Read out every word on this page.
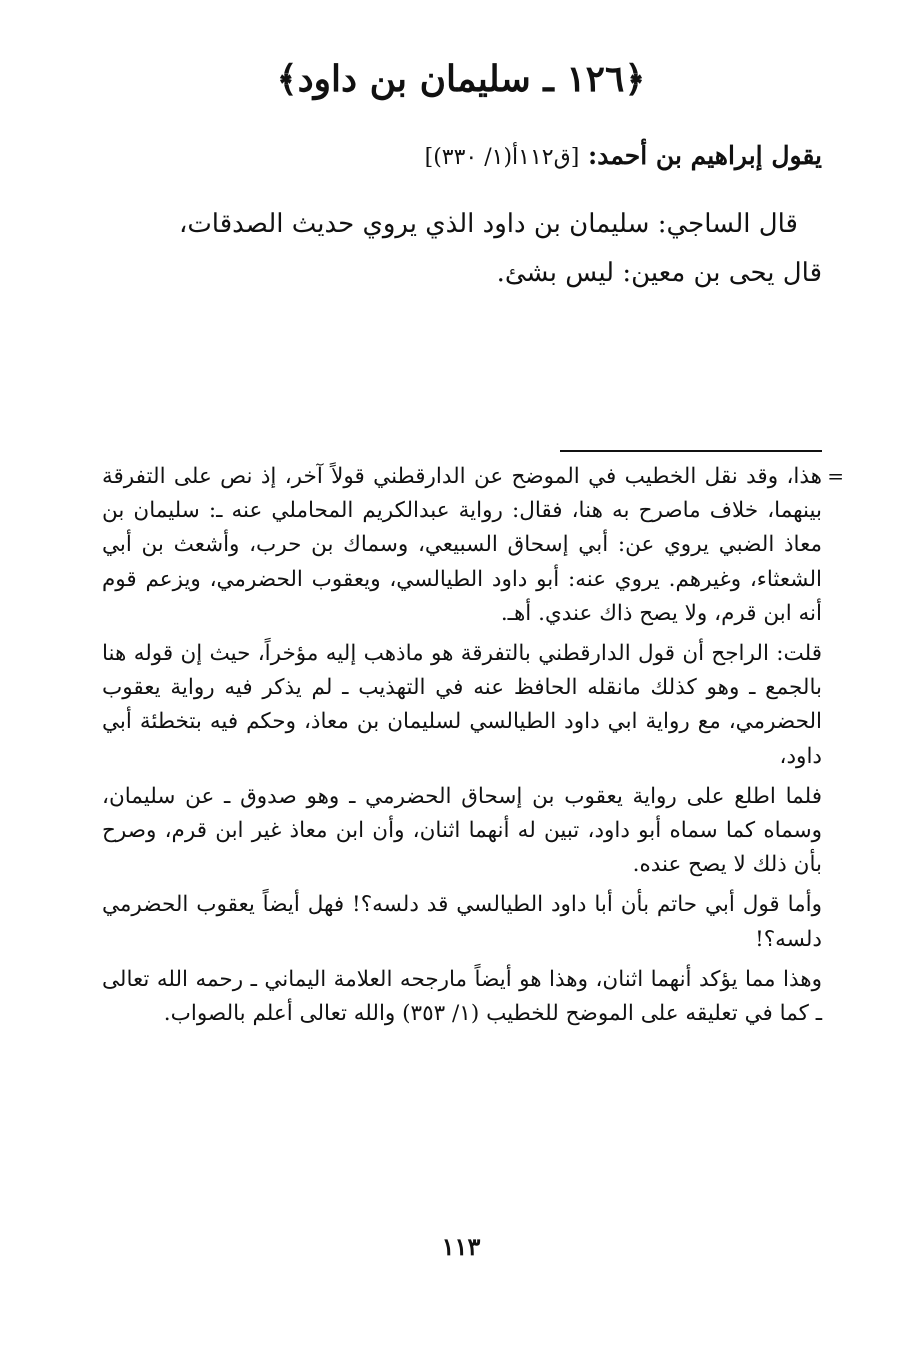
﴿١٢٦ ـ سليمان بن داود﴾
يقول إبراهيم بن أحمد: [ق١١٢أ(١/ ٣٣٠)]

قال الساجي: سليمان بن داود الذي يروي حديث الصدقات،

قال يحى بن معين: ليس بشئ.

=

هذا، وقد نقل الخطيب في الموضح عن الدارقطني قولاً آخر، إذ نص على التفرقة بينهما، خلاف ماصرح به هنا، فقال: رواية عبدالكريم المحاملي عنه ـ: سليمان بن معاذ الضبي يروي عن: أبي إسحاق السبيعي، وسماك بن حرب، وأشعث بن أبي الشعثاء، وغيرهم. يروي عنه: أبو داود الطيالسي، ويعقوب الحضرمي، ويزعم قوم أنه ابن قرم، ولا يصح ذاك عندي. أهـ.

قلت: الراجح أن قول الدارقطني بالتفرقة هو ماذهب إليه مؤخراً، حيث إن قوله هنا بالجمع ـ وهو كذلك مانقله الحافظ عنه في التهذيب ـ لم يذكر فيه رواية يعقوب الحضرمي، مع رواية ابي داود الطيالسي لسليمان بن معاذ، وحكم فيه بتخطئة أبي داود،

فلما اطلع على رواية يعقوب بن إسحاق الحضرمي ـ وهو صدوق ـ عن سليمان، وسماه كما سماه أبو داود، تبين له أنهما اثنان، وأن ابن معاذ غير ابن قرم، وصرح بأن ذلك لا يصح عنده.

وأما قول أبي حاتم بأن أبا داود الطيالسي قد دلسه؟! فهل أيضاً يعقوب الحضرمي دلسه؟!

وهذا مما يؤكد أنهما اثنان، وهذا هو أيضاً مارجحه العلامة اليماني ـ رحمه الله تعالى ـ كما في تعليقه على الموضح للخطيب (١/ ٣٥٣) والله تعالى أعلم بالصواب.

١١٣
